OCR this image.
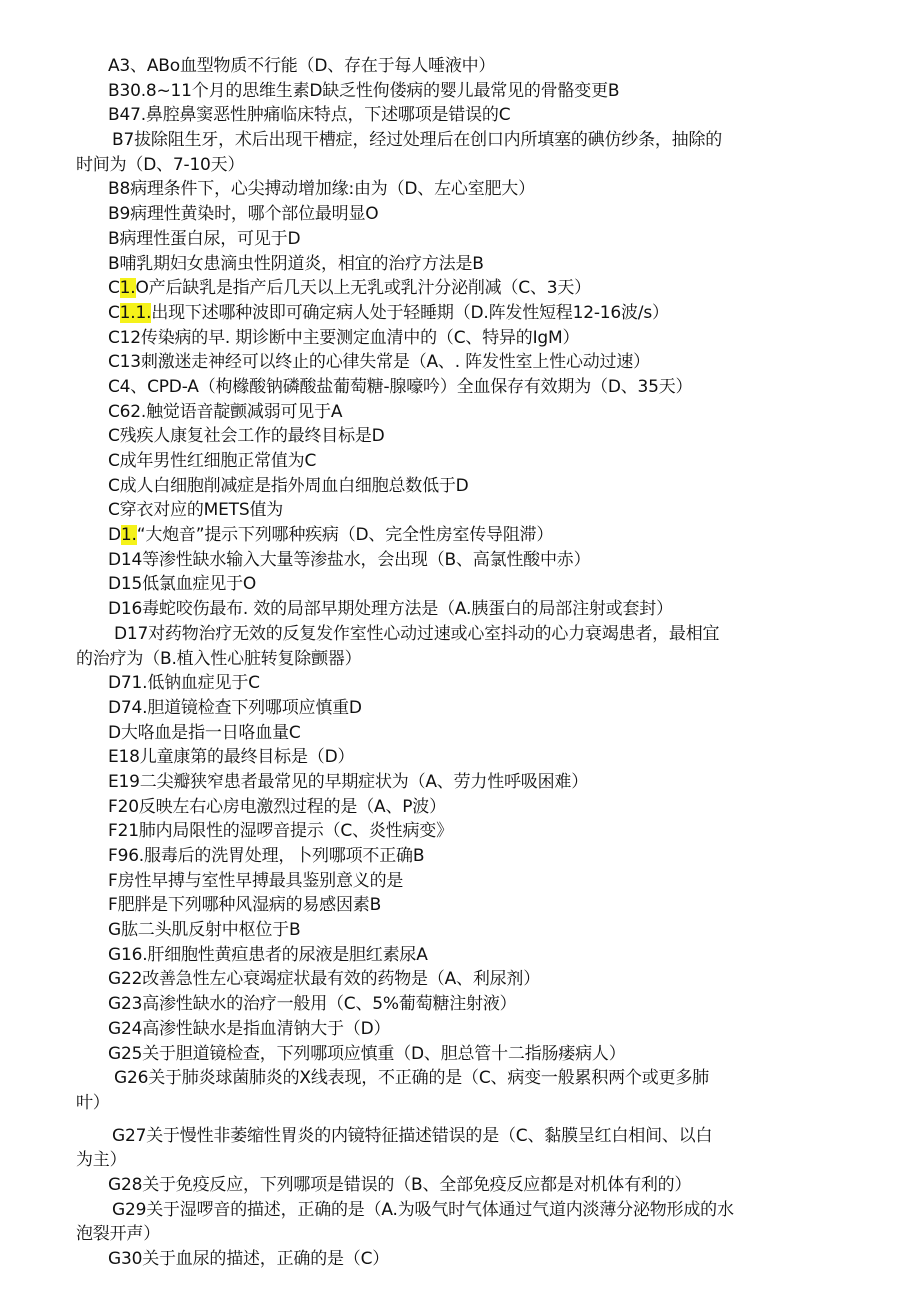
A3、ABo血型物质不行能（D、存在于每人唾液中）
B30.8~11个月的思维生素D缺乏性佝偻病的婴儿最常见的骨骼变更B
B47.鼻腔鼻窦恶性肿痛临床特点，下述哪项是错误的C
B7拔除阻生牙，术后出现干槽症，经过处理后在创口内所填塞的碘仿纱条，抽除的
时间为（D、7-10天）
B8病理条件下，心尖搏动增加缘:由为（D、左心室肥大）
B9病理性黄染时，哪个部位最明显O
B病理性蛋白尿，可见于D
B哺乳期妇女患滴虫性阴道炎，相宜的治疗方法是B
C1.O产后缺乳是指产后几天以上无乳或乳汁分泌削减（C、3天）
C1.1.出现下述哪种波即可确定病人处于轻睡期（D.阵发性短程12-16波/s）
C12传染病的早. 期诊断中主要测定血清中的（C、特异的IgM）
C13刺激迷走神经可以终止的心律失常是（A、. 阵发性室上性心动过速）
C4、CPD-A（枸橼酸钠磷酸盐葡萄糖-腺嚎吟）全血保存有效期为（D、35天）
C62.触觉语音靛颤减弱可见于A
C残疾人康复社会工作的最终目标是D
C成年男性红细胞正常值为C
C成人白细胞削减症是指外周血白细胞总数低于D
C穿衣对应的METS值为
D1.“大炮音”提示下列哪种疾病（D、完全性房室传导阻滞）
D14等渗性缺水输入大量等渗盐水，会出现（B、高氯性酸中赤）
D15低氯血症见于O
D16毒蛇咬伤最布. 效的局部早期处理方法是（A.胰蛋白的局部注射或套封）
D17对药物治疗无效的反复发作室性心动过速或心室抖动的心力衰竭患者，最相宜
的治疗为（B.植入性心脏转复除颤器）
D71.低钠血症见于C
D74.胆道镜检查下列哪项应慎重D
D大咯血是指一日咯血量C
E18儿童康第的最终目标是（D）
E19二尖瓣狭窄患者最常见的早期症状为（A、劳力性呼吸困难）
F20反映左右心房电激烈过程的是（A、P波）
F21肺内局限性的湿啰音提示（C、炎性病变》
F96.服毒后的洗胃处理，卜列哪项不正确B
F房性早搏与室性早搏最具鉴别意义的是
F肥胖是下列哪种风湿病的易感因素B
G肱二头肌反射中枢位于B
G16.肝细胞性黄疸患者的尿液是胆红素尿A
G22改善急性左心衰竭症状最有效的药物是（A、利尿剂）
G23高渗性缺水的治疗一般用（C、5%葡萄糖注射液）
G24高渗性缺水是指血清钠大于（D）
G25关于胆道镜检查，下列哪项应慎重（D、胆总管十二指肠瘘病人）
G26关于肺炎球菌肺炎的X线表现，不正确的是（C、病变一般累积两个或更多肺
叶）
G27关于慢性非萎缩性胃炎的内镜特征描述错误的是（C、黏膜呈红白相间、以白
为主）
G28关于免疫反应，下列哪项是错误的（B、全部免疫反应都是对机体有利的）
G29关于湿啰音的描述，正确的是（A.为吸气时气体通过气道内淡薄分泌物形成的水
泡裂开声）
G30关于血尿的描述，正确的是（C）
